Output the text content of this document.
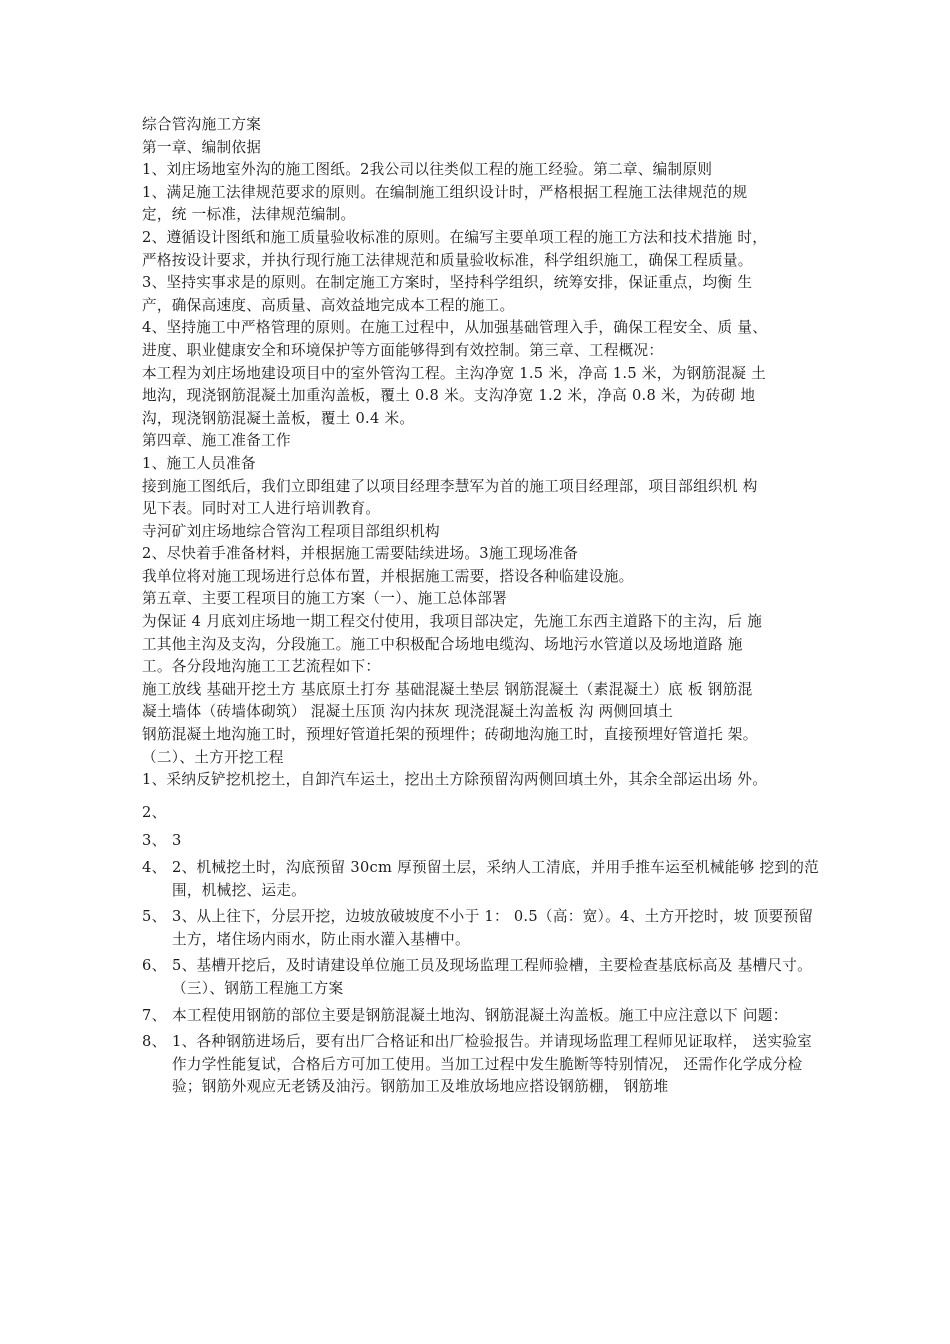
综合管沟施工方案
第一章、编制依据
1、刘庄场地室外沟的施工图纸。2我公司以往类似工程的施工经验。第二章、编制原则
1、满足施工法律规范要求的原则。在编制施工组织设计时，严格根据工程施工法律规范的规
定，统 一标准，法律规范编制。
2、遵循设计图纸和施工质量验收标准的原则。在编写主要单项工程的施工方法和技术措施 时，
严格按设计要求，并执行现行施工法律规范和质量验收标准，科学组织施工，确保工程质量。
3、坚持实事求是的原则。在制定施工方案时，坚持科学组织，统筹安排，保证重点，均衡 生
产，确保高速度、高质量、高效益地完成本工程的施工。
4、坚持施工中严格管理的原则。在施工过程中，从加强基础管理入手，确保工程安全、质 量、
进度、职业健康安全和环境保护等方面能够得到有效控制。第三章、工程概况：
本工程为刘庄场地建设项目中的室外管沟工程。主沟净宽 1.5 米，净高 1.5 米，为钢筋混凝 土
地沟，现浇钢筋混凝土加重沟盖板，覆土 0.8 米。支沟净宽 1.2 米，净高 0.8 米，为砖砌 地
沟，现浇钢筋混凝土盖板，覆土 0.4 米。
第四章、施工准备工作
1、施工人员准备
接到施工图纸后，我们立即组建了以项目经理李慧军为首的施工项目经理部，项目部组织机 构
见下表。同时对工人进行培训教育。
寺河矿刘庄场地综合管沟工程项目部组织机构
2、尽快着手准备材料，并根据施工需要陆续进场。3施工现场准备
我单位将对施工现场进行总体布置，并根据施工需要，搭设各种临建设施。
第五章、主要工程项目的施工方案（一）、施工总体部署
为保证 4 月底刘庄场地一期工程交付使用，我项目部决定，先施工东西主道路下的主沟，后 施
工其他主沟及支沟，分段施工。施工中积极配合场地电缆沟、场地污水管道以及场地道路 施
工。各分段地沟施工工艺流程如下：
施工放线 基础开挖土方 基底原土打夯 基础混凝土垫层 钢筋混凝土（素混凝土）底 板 钢筋混
凝土墙体（砖墙体砌筑） 混凝土压顶 沟内抹灰 现浇混凝土沟盖板 沟 两侧回填土
钢筋混凝土地沟施工时，预埋好管道托架的预埋件；砖砌地沟施工时，直接预埋好管道托 架。
（二）、土方开挖工程
1、采纳反铲挖机挖土，自卸汽车运土，挖出土方除预留沟两侧回填土外，其余全部运出场 外。
2、
3、 3
4、 2、机械挖土时，沟底预留 30cm 厚预留土层，采纳人工清底，并用手推车运至机械能够 挖到的范围，机械挖、运走。
5、 3、从上往下，分层开挖，边坡放破坡度不小于 1： 0.5（高：宽）。4、土方开挖时，坡 顶要预留土方，堵住场内雨水，防止雨水灌入基槽中。
6、 5、基槽开挖后，及时请建设单位施工员及现场监理工程师验槽，主要检查基底标高及 基槽尺寸。（三）、钢筋工程施工方案
7、 本工程使用钢筋的部位主要是钢筋混凝土地沟、钢筋混凝土沟盖板。施工中应注意以下 问题：
8、 1、各种钢筋进场后，要有出厂合格证和出厂检验报告。并请现场监理工程师见证取样， 送实验室作力学性能复试，合格后方可加工使用。当加工过程中发生脆断等特别情况， 还需作化学成分检验；钢筋外观应无老锈及油污。钢筋加工及堆放场地应搭设钢筋棚， 钢筋堆
